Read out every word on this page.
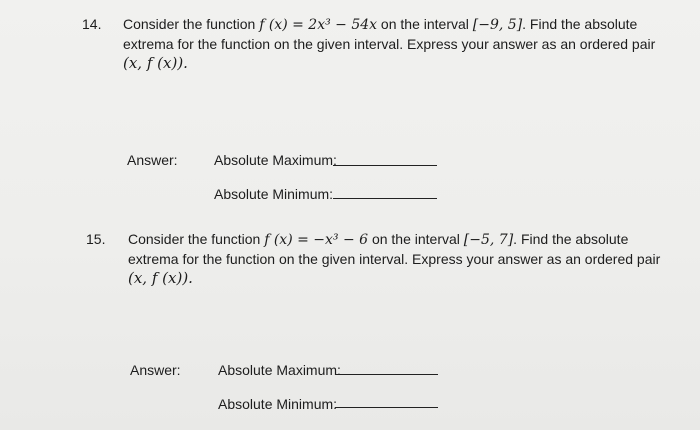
14. Consider the function f (x) = 2x³ − 54x on the interval [−9, 5]. Find the absolute
extrema for the function on the given interval. Express your answer as an ordered pair
(x, f (x)).
Answer:	Absolute Maximum:
Absolute Minimum:
15. Consider the function f (x) = −x³ − 6 on the interval [−5, 7]. Find the absolute
extrema for the function on the given interval. Express your answer as an ordered pair
(x, f (x)).
Answer:	Absolute Maximum:
Absolute Minimum:
